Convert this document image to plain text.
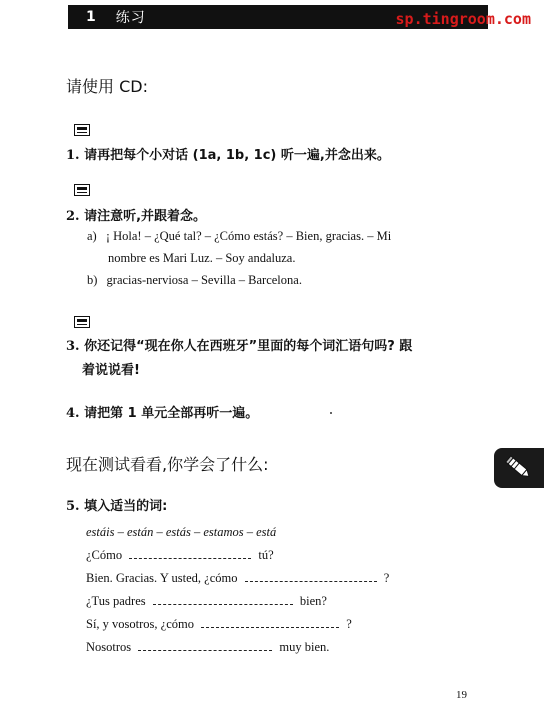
1 练习	sp.tingroom.com
请使用 CD:
1. 请再把每个小对话 (1a, 1b, 1c) 听一遍,并念出来。
2. 请注意听,并跟着念。
a) ¡ Hola! – ¿Qué tal? – ¿Cómo estás? – Bien, gracias. – Mi
nombre es Mari Luz. – Soy andaluza.
b) gracias-nerviosa – Sevilla – Barcelona.
3. 你还记得“现在你人在西班牙”里面的每个词汇语句吗? 跟
着说说看!
4. 请把第 1 单元全部再听一遍。
现在测试看看,你学会了什么:
5. 填入适当的词:
estáis – están – estás – estamos – está
¿Cómo	tú?
Bien. Gracias. Y usted, ¿cómo	?
¿Tus padres	bien?
Sí, y vosotros, ¿cómo	?
Nosotros	muy bien.
19
